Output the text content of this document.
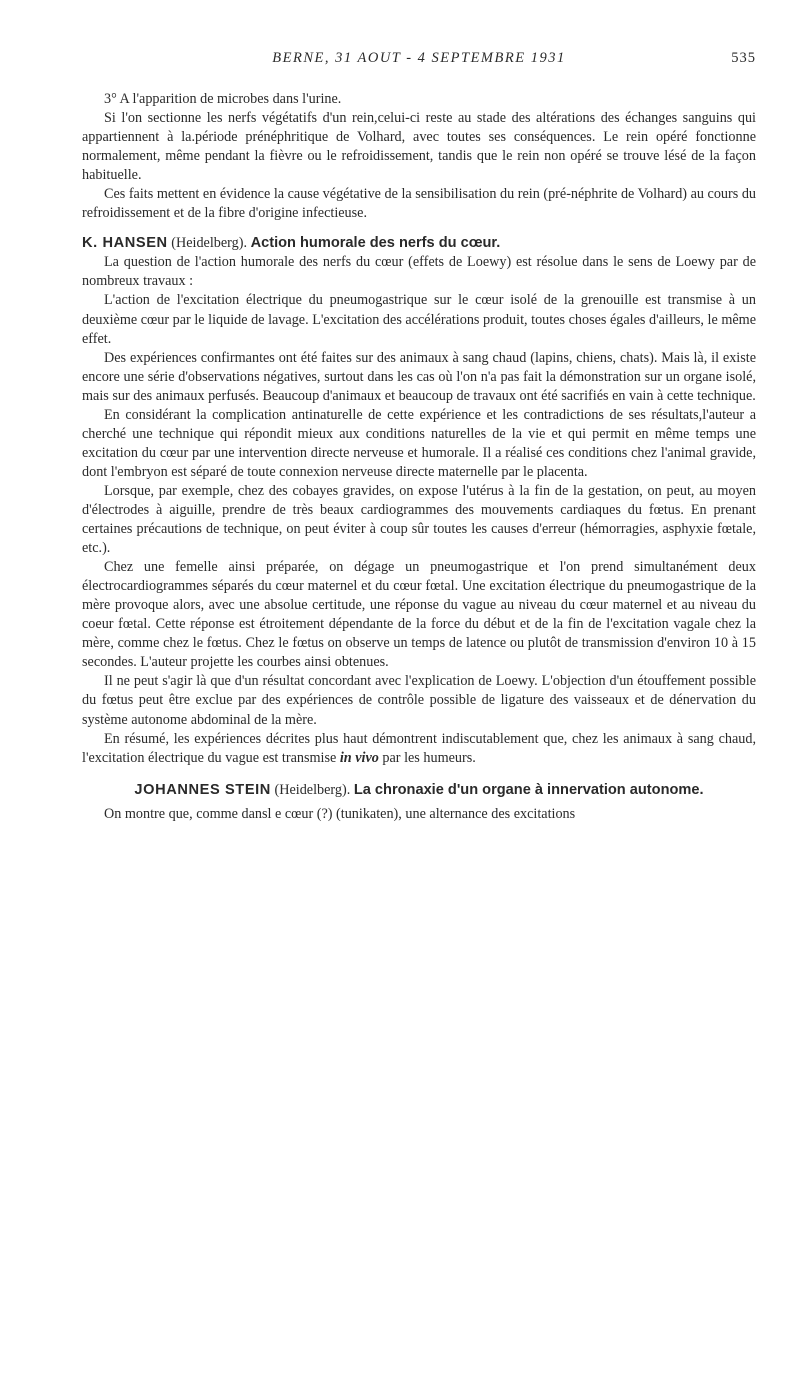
BERNE, 31 AOUT - 4 SEPTEMBRE 1931	535

3° A l'apparition de microbes dans l'urine.

Si l'on sectionne les nerfs végétatifs d'un rein,celui-ci reste au stade des altérations des échanges sanguins qui appartiennent à la.période prénéphritique de Volhard, avec toutes ses conséquences. Le rein opéré fonctionne normalement, même pendant la fièvre ou le refroidissement, tandis que le rein non opéré se trouve lésé de la façon habituelle.

Ces faits mettent en évidence la cause végétative de la sensibilisation du rein (pré-néphrite de Volhard) au cours du refroidissement et de la fibre d'origine infectieuse.

K. HANSEN (Heidelberg). Action humorale des nerfs du cœur.

La question de l'action humorale des nerfs du cœur (effets de Loewy) est résolue dans le sens de Loewy par de nombreux travaux :

L'action de l'excitation électrique du pneumogastrique sur le cœur isolé de la grenouille est transmise à un deuxième cœur par le liquide de lavage. L'excitation des accélérations produit, toutes choses égales d'ailleurs, le même effet.

Des expériences confirmantes ont été faites sur des animaux à sang chaud (lapins, chiens, chats). Mais là, il existe encore une série d'observations négatives, surtout dans les cas où l'on n'a pas fait la démonstration sur un organe isolé, mais sur des animaux perfusés. Beaucoup d'animaux et beaucoup de travaux ont été sacrifiés en vain à cette technique.

En considérant la complication antinaturelle de cette expérience et les contradictions de ses résultats,l'auteur a cherché une technique qui répondit mieux aux conditions naturelles de la vie et qui permit en même temps une excitation du cœur par une intervention directe nerveuse et humorale. Il a réalisé ces conditions chez l'animal gravide, dont l'embryon est séparé de toute connexion nerveuse directe maternelle par le placenta.

Lorsque, par exemple, chez des cobayes gravides, on expose l'utérus à la fin de la gestation, on peut, au moyen d'électrodes à aiguille, prendre de très beaux cardiogrammes des mouvements cardiaques du fœtus. En prenant certaines précautions de technique, on peut éviter à coup sûr toutes les causes d'erreur (hémorragies, asphyxie fœtale, etc.).

Chez une femelle ainsi préparée, on dégage un pneumogastrique et l'on prend simultanément deux électrocardiogrammes séparés du cœur maternel et du cœur fœtal. Une excitation électrique du pneumogastrique de la mère provoque alors, avec une absolue certitude, une réponse du vague au niveau du cœur maternel et au niveau du coeur fœtal. Cette réponse est étroitement dépendante de la force du début et de la fin de l'excitation vagale chez la mère, comme chez le fœtus. Chez le fœtus on observe un temps de latence ou plutôt de transmission d'environ 10 à 15 secondes. L'auteur projette les courbes ainsi obtenues.

Il ne peut s'agir là que d'un résultat concordant avec l'explication de Loewy. L'objection d'un étouffement possible du fœtus peut être exclue par des expériences de contrôle possible de ligature des vaisseaux et de dénervation du système autonome abdominal de la mère.

En résumé, les expériences décrites plus haut démontrent indiscutablement que, chez les animaux à sang chaud, l'excitation électrique du vague est transmise in vivo par les humeurs.

JOHANNES STEIN (Heidelberg). La chronaxie d'un organe à innervation autonome.

On montre que, comme dansl e cœur (?) (tunikaten), une alternance des excitations
